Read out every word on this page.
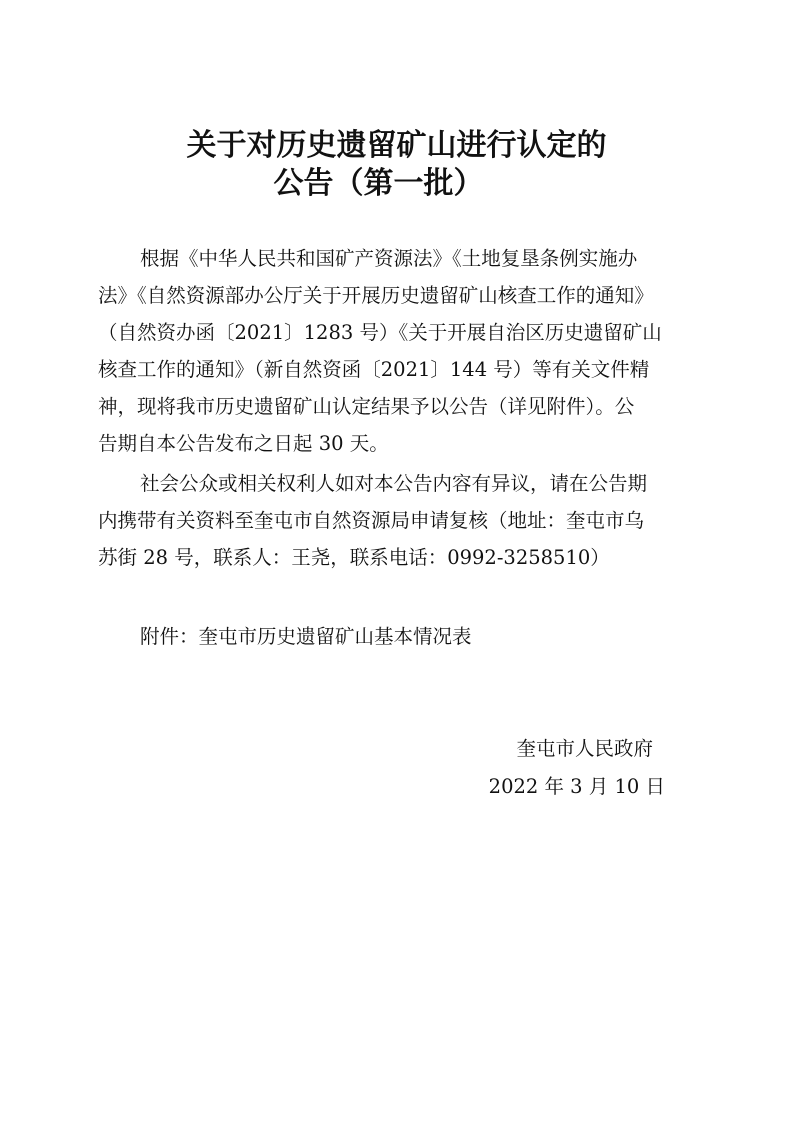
关于对历史遗留矿山进行认定的
公告（第一批）
根据《中华人民共和国矿产资源法》《土地复垦条例实施办
法》《自然资源部办公厅关于开展历史遗留矿山核查工作的通知》
（自然资办函〔2021〕1283 号）《关于开展自治区历史遗留矿山
核查工作的通知》（新自然资函〔2021〕144 号）等有关文件精
神，现将我市历史遗留矿山认定结果予以公告（详见附件）。公
告期自本公告发布之日起 30 天。
社会公众或相关权利人如对本公告内容有异议，请在公告期
内携带有关资料至奎屯市自然资源局申请复核（地址：奎屯市乌
苏街 28 号，联系人：王尧，联系电话：0992-3258510）
附件：奎屯市历史遗留矿山基本情况表
奎屯市人民政府
2022 年 3 月 10 日
